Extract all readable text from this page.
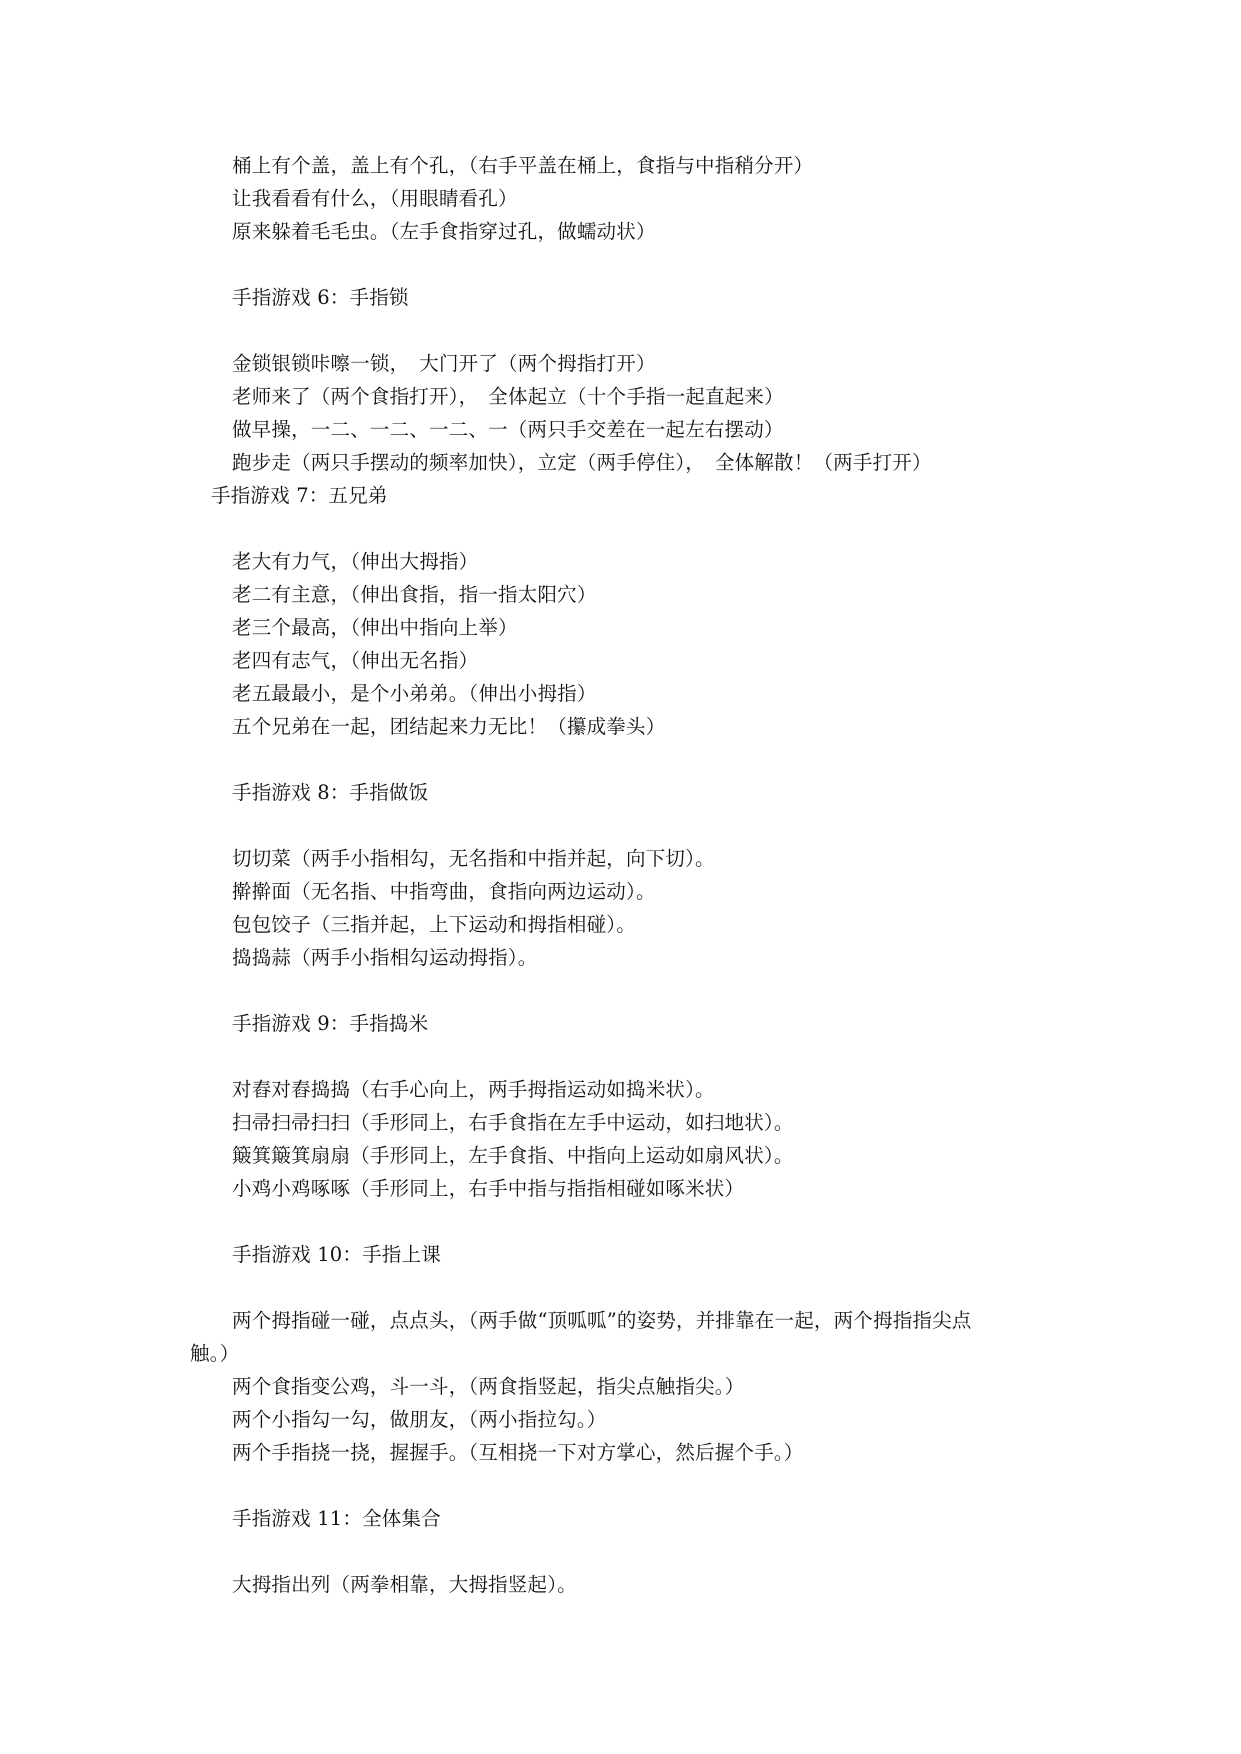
桶上有个盖，盖上有个孔，（右手平盖在桶上，食指与中指稍分开）
让我看看有什么，（用眼睛看孔）
原来躲着毛毛虫。（左手食指穿过孔，做蠕动状）
手指游戏 6：手指锁
金锁银锁咔嚓一锁，　大门开了（两个拇指打开）
老师来了（两个食指打开），　全体起立（十个手指一起直起来）
做早操，一二、一二、一二、一（两只手交差在一起左右摆动）
跑步走（两只手摆动的频率加快），立定（两手停住），　全体解散！（两手打开）
手指游戏 7：五兄弟
老大有力气，（伸出大拇指）
老二有主意，（伸出食指，指一指太阳穴）
老三个最高，（伸出中指向上举）
老四有志气，（伸出无名指）
老五最最小，是个小弟弟。（伸出小拇指）
五个兄弟在一起，团结起来力无比！（攥成拳头）
手指游戏 8：手指做饭
切切菜（两手小指相勾，无名指和中指并起，向下切）。
擀擀面（无名指、中指弯曲，食指向两边运动）。
包包饺子（三指并起，上下运动和拇指相碰）。
捣捣蒜（两手小指相勾运动拇指）。
手指游戏 9：手指捣米
对舂对舂捣捣（右手心向上，两手拇指运动如捣米状）。
扫帚扫帚扫扫（手形同上，右手食指在左手中运动，如扫地状）。
簸箕簸箕扇扇（手形同上，左手食指、中指向上运动如扇风状）。
小鸡小鸡啄啄（手形同上，右手中指与指指相碰如啄米状）
手指游戏 10：手指上课
两个拇指碰一碰，点点头，（两手做“顶呱呱”的姿势，并排靠在一起，两个拇指指尖点
触。）
两个食指变公鸡，斗一斗，（两食指竖起，指尖点触指尖。）
两个小指勾一勾，做朋友，（两小指拉勾。）
两个手指挠一挠，握握手。（互相挠一下对方掌心，然后握个手。）
手指游戏 11：全体集合
大拇指出列（两拳相靠，大拇指竖起）。
